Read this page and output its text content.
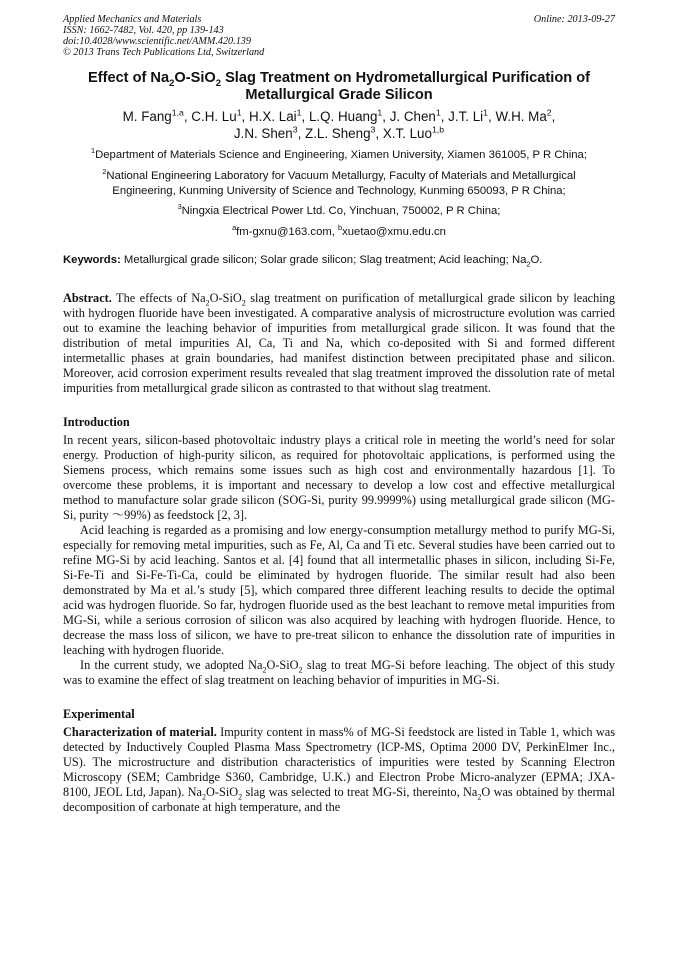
Applied Mechanics and Materials
ISSN: 1662-7482, Vol. 420, pp 139-143
doi:10.4028/www.scientific.net/AMM.420.139
© 2013 Trans Tech Publications Ltd, Switzerland
Online: 2013-09-27
Effect of $Na_2O-SiO_2$ Slag Treatment on Hydrometallurgical Purification of
Metallurgical Grade Silicon
M. Fang$^{1,a}$, C.H. Lu$^1$, H.X. Lai$^1$, L.Q. Huang$^1$, J. Chen$^1$, J.T. Li$^1$, W.H. Ma$^2$,
J.N. Shen$^3$, Z.L. Sheng$^3$, X.T. Luo$^{1,b}$
$^1$Department of Materials Science and Engineering, Xiamen University, Xiamen 361005, P R China;
$^2$National Engineering Laboratory for Vacuum Metallurgy, Faculty of Materials and Metallurgical
Engineering, Kunming University of Science and Technology, Kunming 650093, P R China;
$^3$Ningxia Electrical Power Ltd. Co, Yinchuan, 750002, P R China;
$^a$fm-gxnu@163.com, $^b$xuetao@xmu.edu.cn
Keywords: Metallurgical grade silicon; Solar grade silicon; Slag treatment; Acid leaching; $Na_2O$.

Abstract. The effects of $Na_2O-SiO_2$ slag treatment on purification of metallurgical grade silicon by leaching with hydrogen fluoride have been investigated. A comparative analysis of microstructure evolution was carried out to examine the leaching behavior of impurities from metallurgical grade silicon. It was found that the distribution of metal impurities Al, Ca, Ti and Na, which co-deposited with Si and formed different intermetallic phases at grain boundaries, had manifest distinction between precipitated phase and silicon. Moreover, acid corrosion experiment results revealed that slag treatment improved the dissolution rate of metal impurities from metallurgical grade silicon as contrasted to that without slag treatment.

Introduction

In recent years, silicon-based photovoltaic industry plays a critical role in meeting the world’s need for solar energy. Production of high-purity silicon, as required for photovoltaic applications, is performed using the Siemens process, which remains some issues such as high cost and environmentally hazardous [1]. To overcome these problems, it is important and necessary to develop a low cost and effective metallurgical method to manufacture solar grade silicon (SOG-Si, purity 99.9999%) using metallurgical grade silicon (MG-Si, purity ～99%) as feedstock [2, 3].

Acid leaching is regarded as a promising and low energy-consumption metallurgy method to purify MG-Si, especially for removing metal impurities, such as Fe, Al, Ca and Ti etc. Several studies have been carried out to refine MG-Si by acid leaching. Santos et al. [4] found that all intermetallic phases in silicon, including Si-Fe, Si-Fe-Ti and Si-Fe-Ti-Ca, could be eliminated by hydrogen fluoride. The similar result had also been demonstrated by Ma et al.’s study [5], which compared three different leaching results to decide the optimal acid was hydrogen fluoride. So far, hydrogen fluoride used as the best leachant to remove metal impurities from MG-Si, while a serious corrosion of silicon was also acquired by leaching with hydrogen fluoride. Hence, to decrease the mass loss of silicon, we have to pre-treat silicon to enhance the dissolution rate of impurities in leaching with hydrogen fluoride.

In the current study, we adopted $Na_2O-SiO_2$ slag to treat MG-Si before leaching. The object of this study was to examine the effect of slag treatment on leaching behavior of impurities in MG-Si.

Experimental

Characterization of material. Impurity content in mass% of MG-Si feedstock are listed in Table 1, which was detected by Inductively Coupled Plasma Mass Spectrometry (ICP-MS, Optima 2000 DV, PerkinElmer Inc., US). The microstructure and distribution characteristics of impurities were tested by Scanning Electron Microscopy (SEM; Cambridge S360, Cambridge, U.K.) and Electron Probe Micro-analyzer (EPMA; JXA-8100, JEOL Ltd, Japan). $Na_2O-SiO_2$ slag was selected to treat MG-Si, thereinto, $Na_2O$ was obtained by thermal decomposition of carbonate at high temperature, and the
